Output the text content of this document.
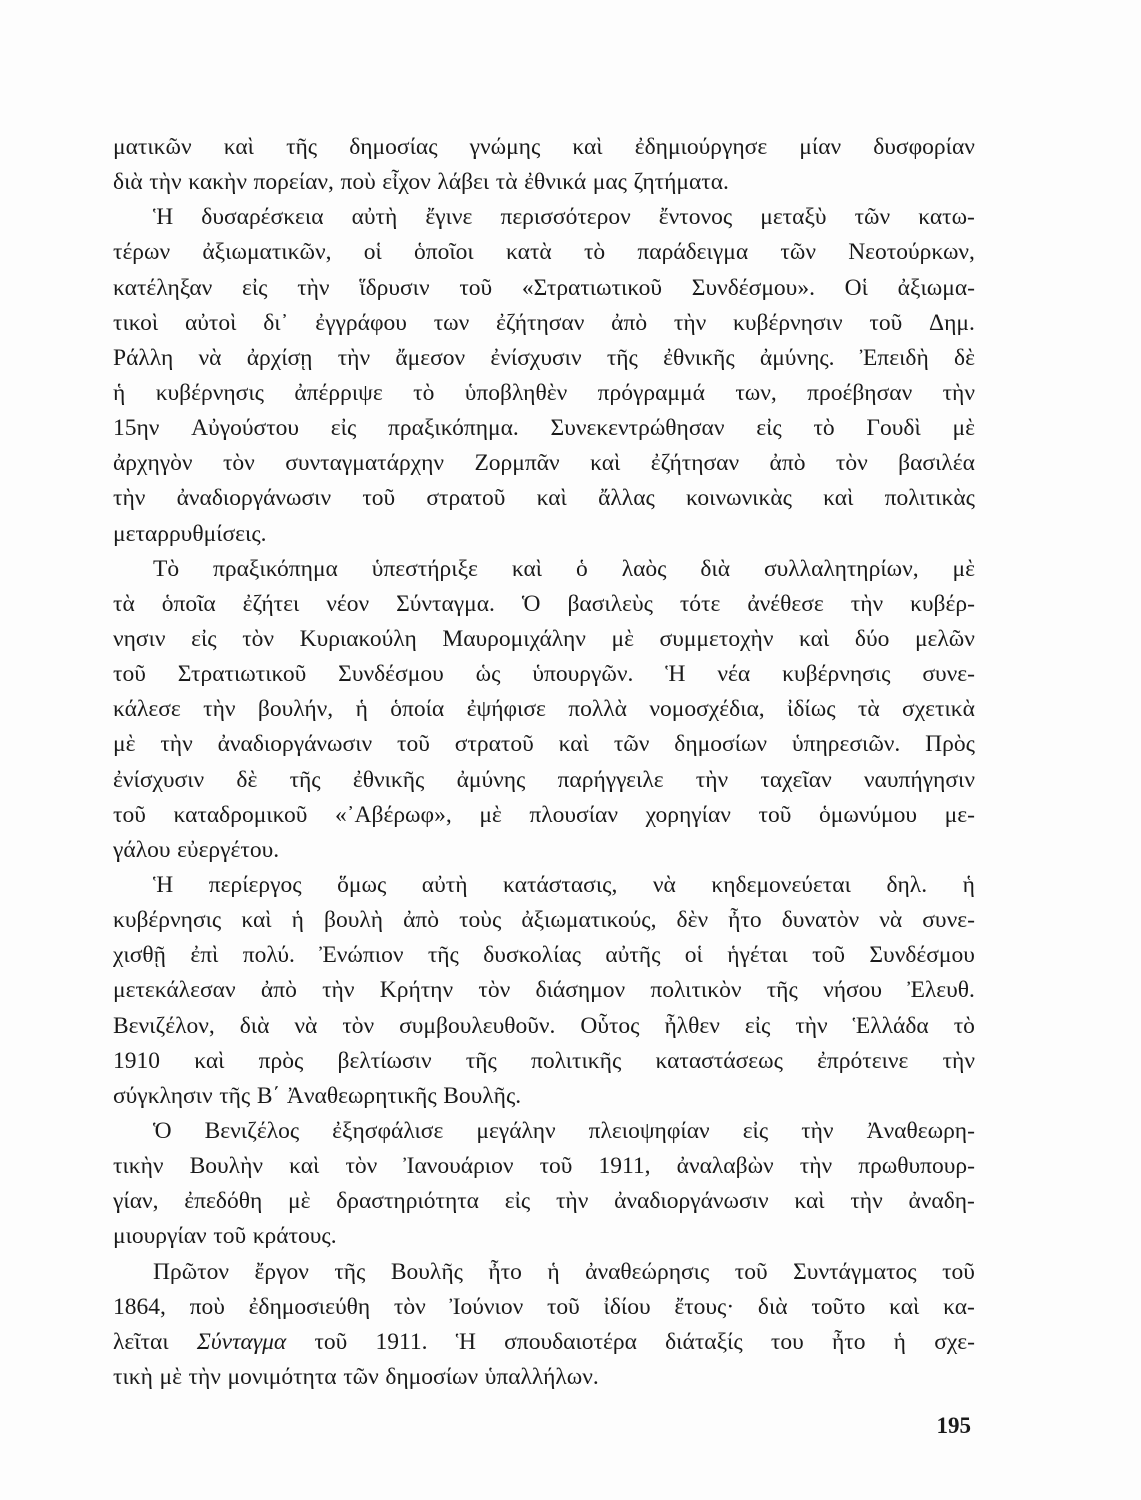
ματικῶν καὶ τῆς δημοσίας γνώμης καὶ ἐδημιούργησε μίαν δυσφορίαν
διὰ τὴν κακὴν πορείαν, ποὺ εἶχον λάβει τὰ ἐθνικά μας ζητήματα.
Ἡ δυσαρέσκεια αὐτὴ ἔγινε περισσότερον ἔντονος μεταξὺ τῶν κατω-
τέρων ἀξιωματικῶν, οἱ ὁποῖοι κατὰ τὸ παράδειγμα τῶν Νεοτούρκων,
κατέληξαν εἰς τὴν ἵδρυσιν τοῦ «Στρατιωτικοῦ Συνδέσμου». Οἱ ἀξιωμα-
τικοὶ αὐτοὶ δι᾽ ἐγγράφου των ἐζήτησαν ἀπὸ τὴν κυβέρνησιν τοῦ Δημ.
Ράλλη νὰ ἀρχίσῃ τὴν ἄμεσον ἐνίσχυσιν τῆς ἐθνικῆς ἀμύνης. Ἐπειδὴ δὲ
ἡ κυβέρνησις ἀπέρριψε τὸ ὑποβληθὲν πρόγραμμά των, προέβησαν τὴν
15ην Αὐγούστου εἰς πραξικόπημα. Συνεκεντρώθησαν εἰς τὸ Γουδὶ μὲ
ἀρχηγὸν τὸν συνταγματάρχην Ζορμπᾶν καὶ ἐζήτησαν ἀπὸ τὸν βασιλέα
τὴν ἀναδιοργάνωσιν τοῦ στρατοῦ καὶ ἄλλας κοινωνικὰς καὶ πολιτικὰς
μεταρρυθμίσεις.
Τὸ πραξικόπημα ὑπεστήριξε καὶ ὁ λαὸς διὰ συλλαλητηρίων, μὲ
τὰ ὁποῖα ἐζήτει νέον Σύνταγμα. Ὁ βασιλεὺς τότε ἀνέθεσε τὴν κυβέρ-
νησιν εἰς τὸν Κυριακούλη Μαυρομιχάλην μὲ συμμετοχὴν καὶ δύο μελῶν
τοῦ Στρατιωτικοῦ Συνδέσμου ὡς ὑπουργῶν. Ἡ νέα κυβέρνησις συνε-
κάλεσε τὴν βουλήν, ἡ ὁποία ἐψήφισε πολλὰ νομοσχέδια, ἰδίως τὰ σχετικὰ
μὲ τὴν ἀναδιοργάνωσιν τοῦ στρατοῦ καὶ τῶν δημοσίων ὑπηρεσιῶν. Πρὸς
ἐνίσχυσιν δὲ τῆς ἐθνικῆς ἀμύνης παρήγγειλε τὴν ταχεῖαν ναυπήγησιν
τοῦ καταδρομικοῦ «᾽Αβέρωφ», μὲ πλουσίαν χορηγίαν τοῦ ὁμωνύμου με-
γάλου εὐεργέτου.
Ἡ περίεργος ὅμως αὐτὴ κατάστασις, νὰ κηδεμονεύεται δηλ. ἡ
κυβέρνησις καὶ ἡ βουλὴ ἀπὸ τοὺς ἀξιωματικούς, δὲν ἦτο δυνατὸν νὰ συνε-
χισθῇ ἐπὶ πολύ. Ἐνώπιον τῆς δυσκολίας αὐτῆς οἱ ἡγέται τοῦ Συνδέσμου
μετεκάλεσαν ἀπὸ τὴν Κρήτην τὸν διάσημον πολιτικὸν τῆς νήσου Ἐλευθ.
Βενιζέλον, διὰ νὰ τὸν συμβουλευθοῦν. Οὗτος ἦλθεν εἰς τὴν Ἑλλάδα τὸ
1910 καὶ πρὸς βελτίωσιν τῆς πολιτικῆς καταστάσεως ἐπρότεινε τὴν
σύγκλησιν τῆς Β΄ Ἀναθεωρητικῆς Βουλῆς.
Ὁ Βενιζέλος ἐξησφάλισε μεγάλην πλειοψηφίαν εἰς τὴν Ἀναθεωρη-
τικὴν Βουλὴν καὶ τὸν Ἰανουάριον τοῦ 1911, ἀναλαβὼν τὴν πρωθυπουρ-
γίαν, ἐπεδόθη μὲ δραστηριότητα εἰς τὴν ἀναδιοργάνωσιν καὶ τὴν ἀναδη-
μιουργίαν τοῦ κράτους.
Πρῶτον ἔργον τῆς Βουλῆς ἦτο ἡ ἀναθεώρησις τοῦ Συντάγματος τοῦ
1864, ποὺ ἐδημοσιεύθη τὸν Ἰούνιον τοῦ ἰδίου ἔτους· διὰ τοῦτο καὶ κα-
λεῖται Σύνταγμα τοῦ 1911. Ἡ σπουδαιοτέρα διάταξίς του ἦτο ἡ σχε-
τικὴ μὲ τὴν μονιμότητα τῶν δημοσίων ὑπαλλήλων.
195
